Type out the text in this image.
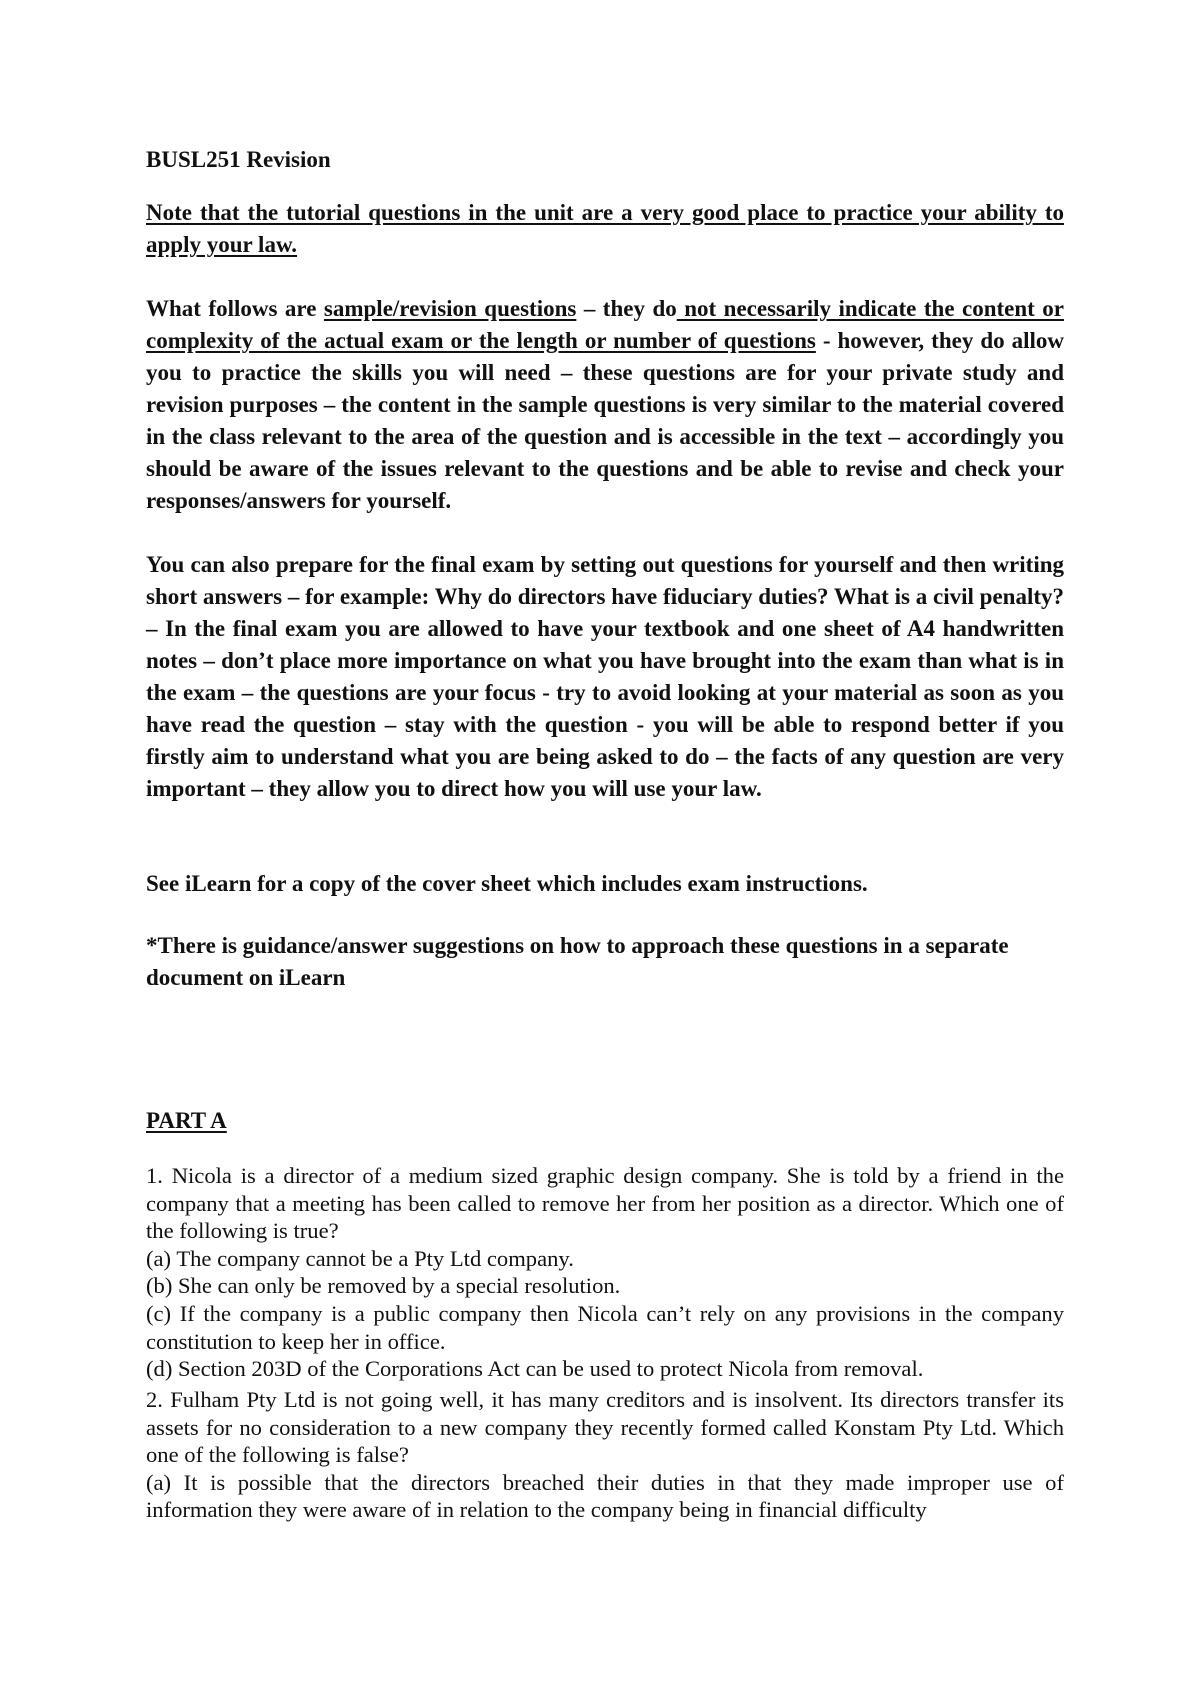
BUSL251 Revision

Note that the tutorial questions in the unit are a very good place to practice your ability to apply your law.

What follows are sample/revision questions – they do not necessarily indicate the content or complexity of the actual exam or the length or number of questions - however, they do allow you to practice the skills you will need – these questions are for your private study and revision purposes – the content in the sample questions is very similar to the material covered in the class relevant to the area of the question and is accessible in the text – accordingly you should be aware of the issues relevant to the questions and be able to revise and check your responses/answers for yourself.

You can also prepare for the final exam by setting out questions for yourself and then writing short answers – for example: Why do directors have fiduciary duties? What is a civil penalty? – In the final exam you are allowed to have your textbook and one sheet of A4 handwritten notes – don’t place more importance on what you have brought into the exam than what is in the exam – the questions are your focus - try to avoid looking at your material as soon as you have read the question – stay with the question - you will be able to respond better if you firstly aim to understand what you are being asked to do – the facts of any question are very important – they allow you to direct how you will use your law.

See iLearn for a copy of the cover sheet which includes exam instructions.

*There is guidance/answer suggestions on how to approach these questions in a separate document on iLearn

PART A

1. Nicola is a director of a medium sized graphic design company. She is told by a friend in the company that a meeting has been called to remove her from her position as a director. Which one of the following is true?
(a) The company cannot be a Pty Ltd company.
(b) She can only be removed by a special resolution.
(c) If the company is a public company then Nicola can’t rely on any provisions in the company constitution to keep her in office.
(d) Section 203D of the Corporations Act can be used to protect Nicola from removal.
2. Fulham Pty Ltd is not going well, it has many creditors and is insolvent. Its directors transfer its assets for no consideration to a new company they recently formed called Konstam Pty Ltd. Which one of the following is false?
(a) It is possible that the directors breached their duties in that they made improper use of information they were aware of in relation to the company being in financial difficulty
